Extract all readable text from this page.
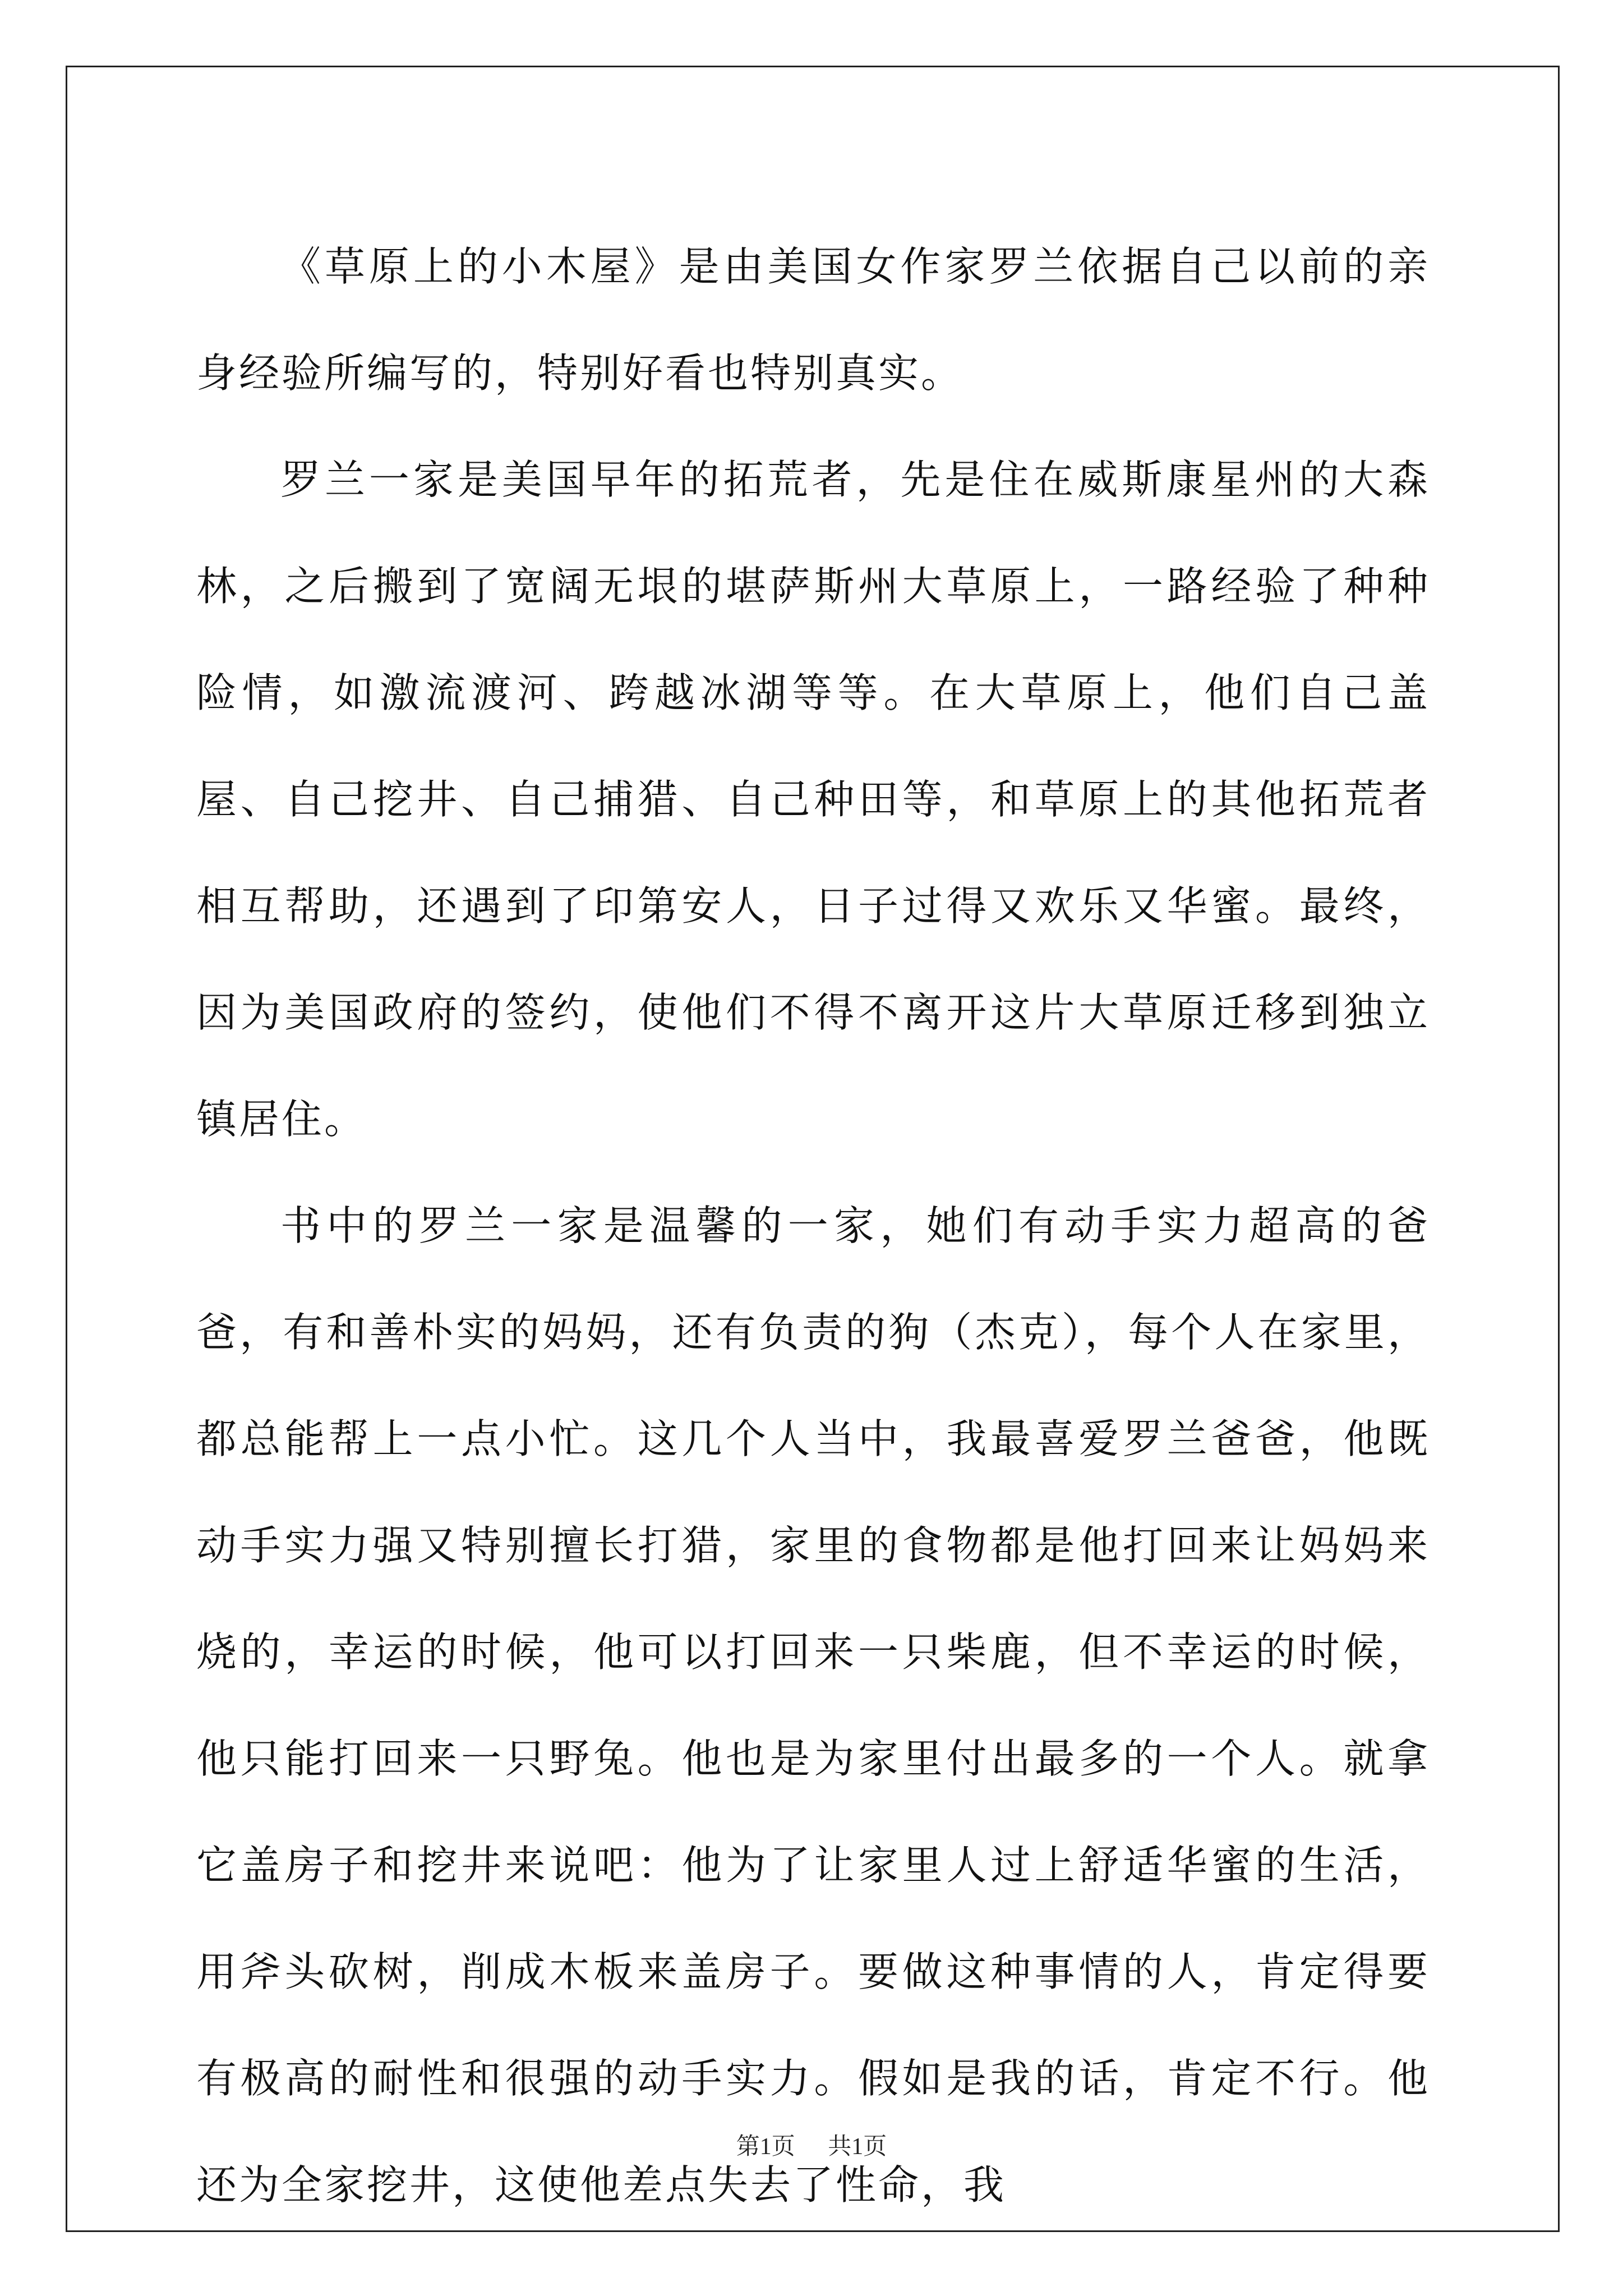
《草原上的小木屋》是由美国女作家罗兰依据自己以前的亲身经验所编写的，特别好看也特别真实。

罗兰一家是美国早年的拓荒者，先是住在威斯康星州的大森林，之后搬到了宽阔无垠的堪萨斯州大草原上，一路经验了种种险情，如激流渡河、跨越冰湖等等。在大草原上，他们自己盖屋、自己挖井、自己捕猎、自己种田等，和草原上的其他拓荒者相互帮助，还遇到了印第安人，日子过得又欢乐又华蜜。最终，因为美国政府的签约，使他们不得不离开这片大草原迁移到独立镇居住。

书中的罗兰一家是温馨的一家，她们有动手实力超高的爸爸，有和善朴实的妈妈，还有负责的狗（杰克），每个人在家里，都总能帮上一点小忙。这几个人当中，我最喜爱罗兰爸爸，他既动手实力强又特别擅长打猎，家里的食物都是他打回来让妈妈来烧的，幸运的时候，他可以打回来一只柴鹿，但不幸运的时候，他只能打回来一只野兔。他也是为家里付出最多的一个人。就拿它盖房子和挖井来说吧：他为了让家里人过上舒适华蜜的生活，用斧头砍树，削成木板来盖房子。要做这种事情的人，肯定得要有极高的耐性和很强的动手实力。假如是我的话，肯定不行。他还为全家挖井，这使他差点失去了性命，我

第1页 共1页
